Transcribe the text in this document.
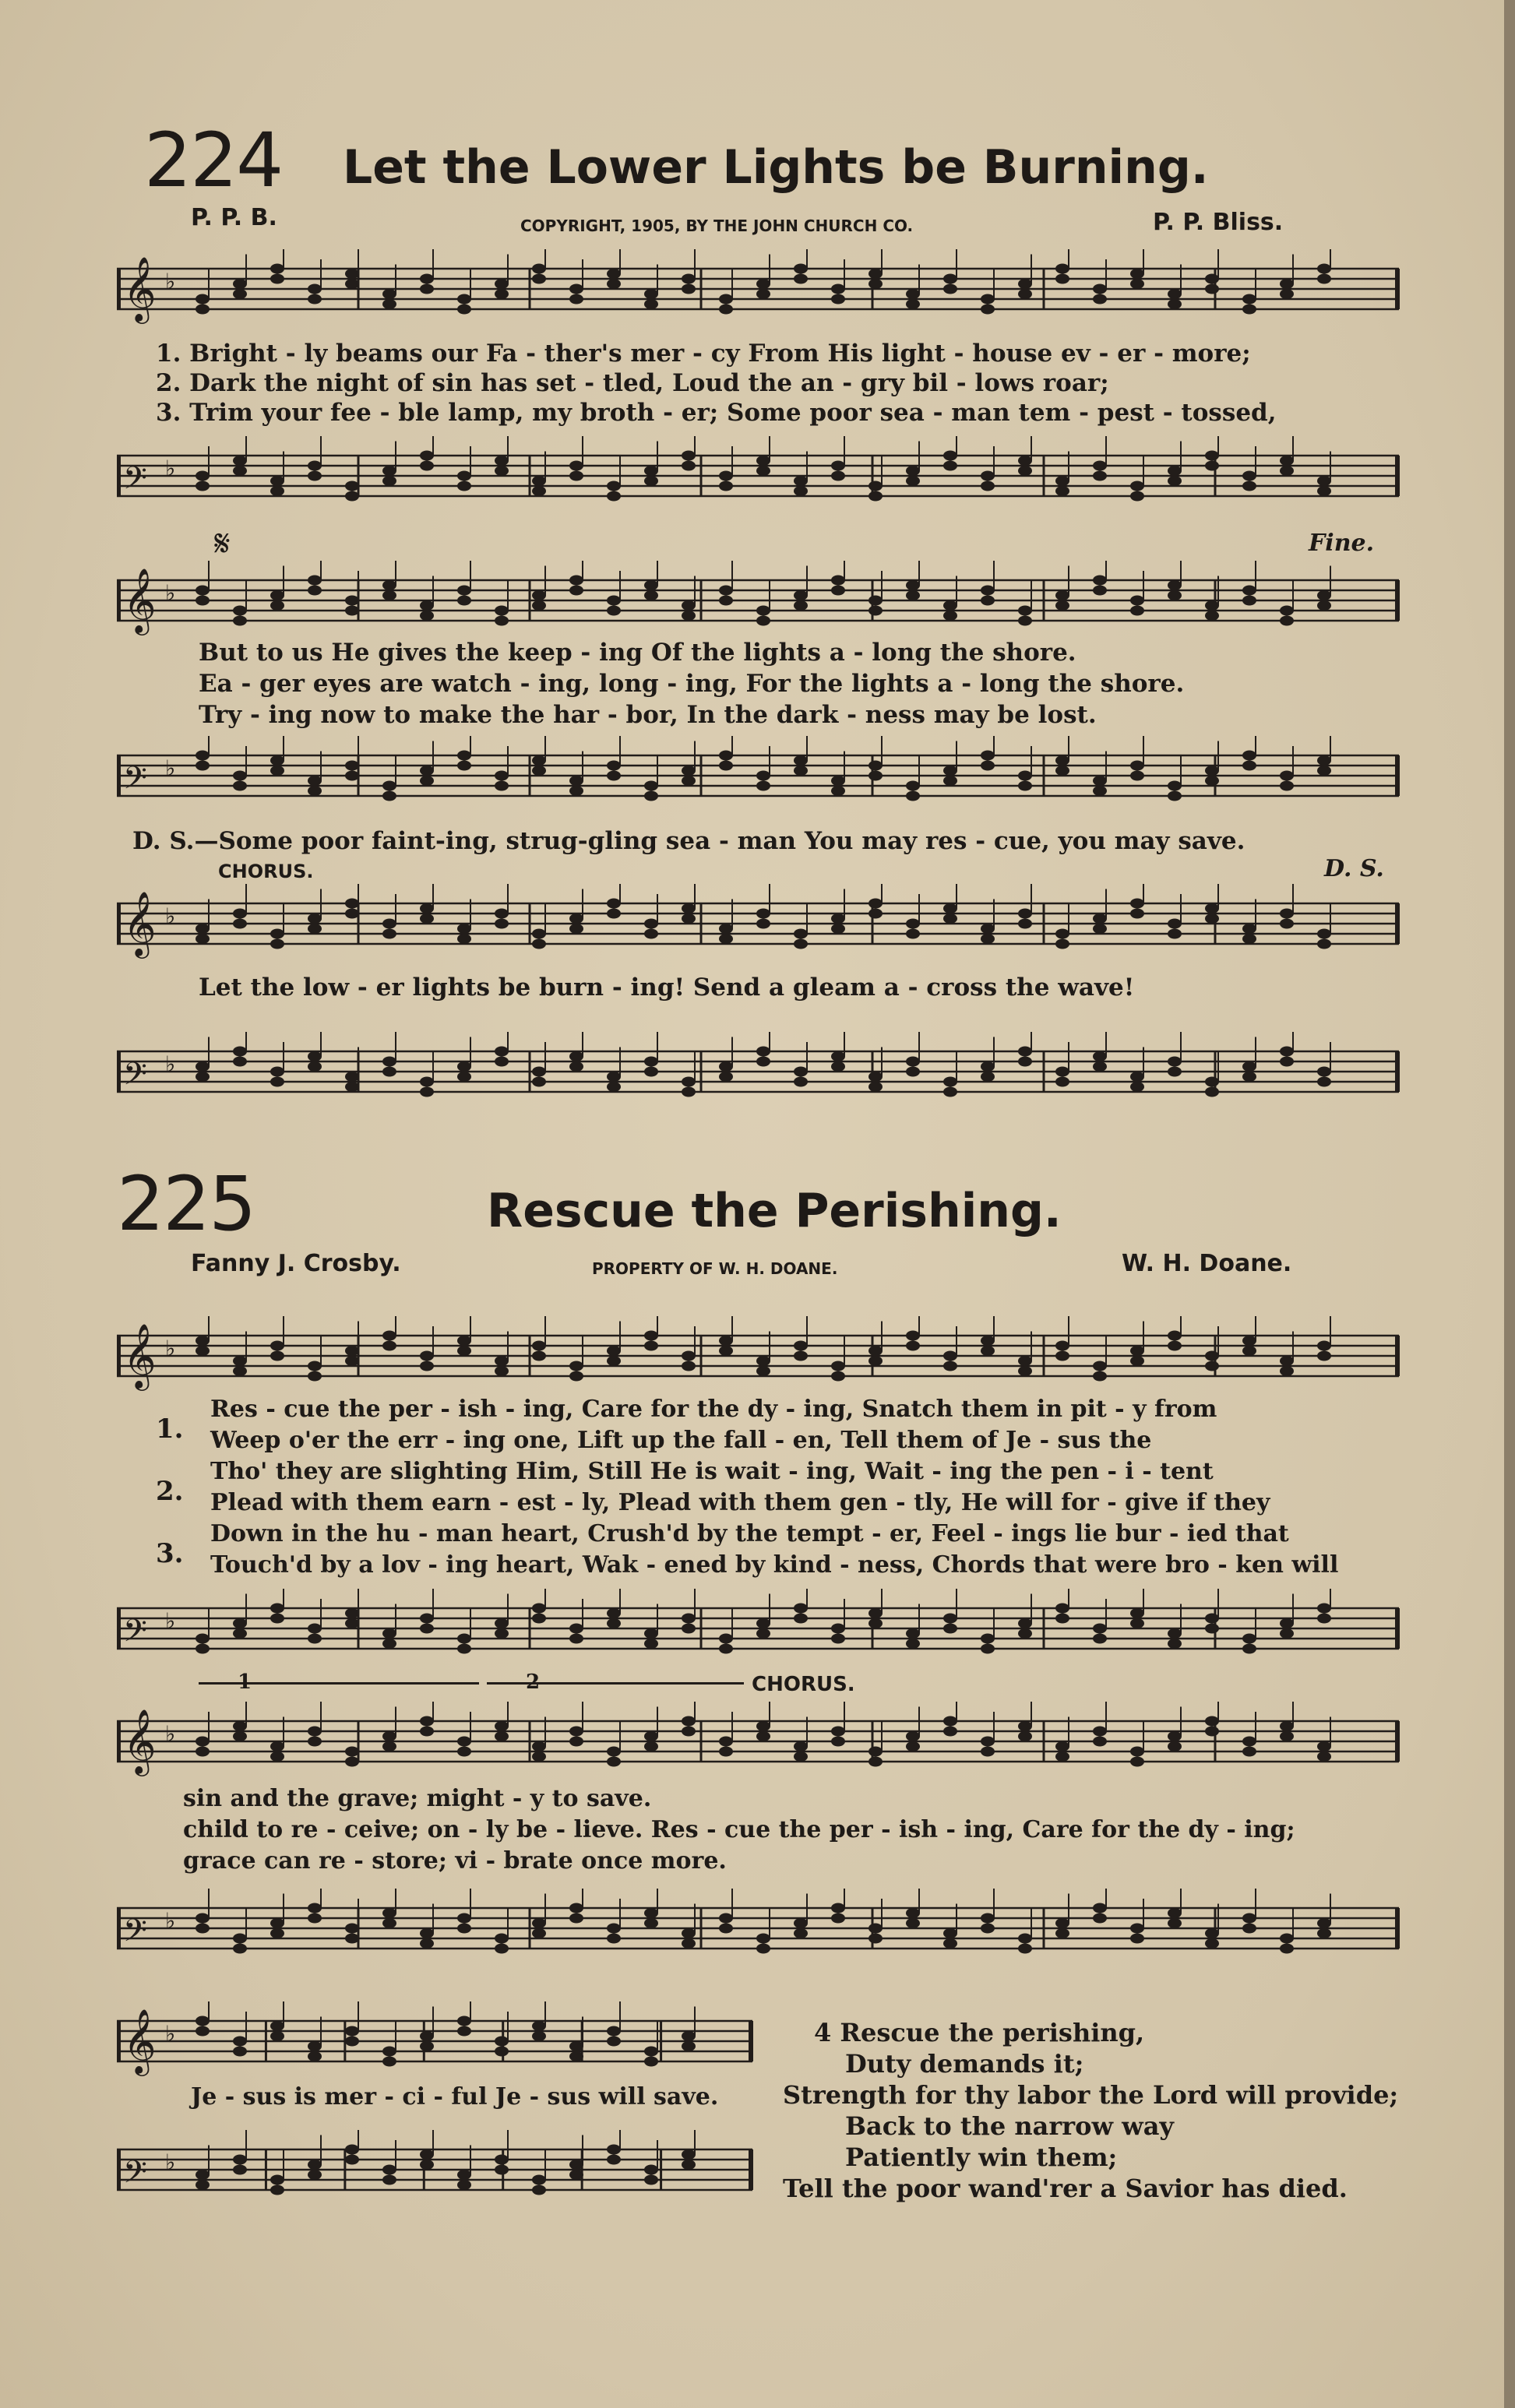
224 Let the Lower Lights be Burning.
P. P. B.	COPYRIGHT, 1905, BY THE JOHN CHURCH CO.	P. P. Bliss.
𝄞 ♭
1. Bright - ly beams our Fa - ther's mer - cy From His light - house ev - er - more;
2. Dark the night of sin has set - tled, Loud the an - gry bil - lows roar;
3. Trim your fee - ble lamp, my broth - er; Some poor sea - man tem - pest - tossed,
𝄢 ♭
𝄋	Fine.
𝄞 ♭
But to us He gives the keep - ing Of the lights a - long the shore.
Ea - ger eyes are watch - ing, long - ing, For the lights a - long the shore.
Try - ing now to make the har - bor, In the dark - ness may be lost.
𝄢 ♭
D. S.—Some poor faint-ing, strug-gling sea - man You may res - cue, you may save.
CHORUS.	D. S.
𝄞 ♭
Let the low - er lights be burn - ing! Send a gleam a - cross the wave!
𝄢 ♭
225	Rescue the Perishing.
Fanny J. Crosby.	PROPERTY OF W. H. DOANE.	W. H. Doane.
𝄞 ♭
1.
2.
3.
Res - cue the per - ish - ing, Care for the dy - ing, Snatch them in pit - y from
Weep o'er the err - ing one, Lift up the fall - en, Tell them of Je - sus the
Tho' they are slighting Him, Still He is wait - ing, Wait - ing the pen - i - tent
Plead with them earn - est - ly, Plead with them gen - tly, He will for - give if they
Down in the hu - man heart, Crush'd by the tempt - er, Feel - ings lie bur - ied that
Touch'd by a lov - ing heart, Wak - ened by kind - ness, Chords that were bro - ken will
𝄢 ♭
1	2	CHORUS.
𝄞 ♭
sin and the grave; might - y to save.
child to re - ceive; on - ly be - lieve. Res - cue the per - ish - ing, Care for the dy - ing;
grace can re - store; vi - brate once more.
𝄢 ♭
𝄞 ♭
Je - sus is mer - ci - ful Je - sus will save.
𝄢 ♭
4 Rescue the perishing,
Duty demands it;
Strength for thy labor the Lord will provide;
Back to the narrow way
Patiently win them;
Tell the poor wand'rer a Savior has died.
